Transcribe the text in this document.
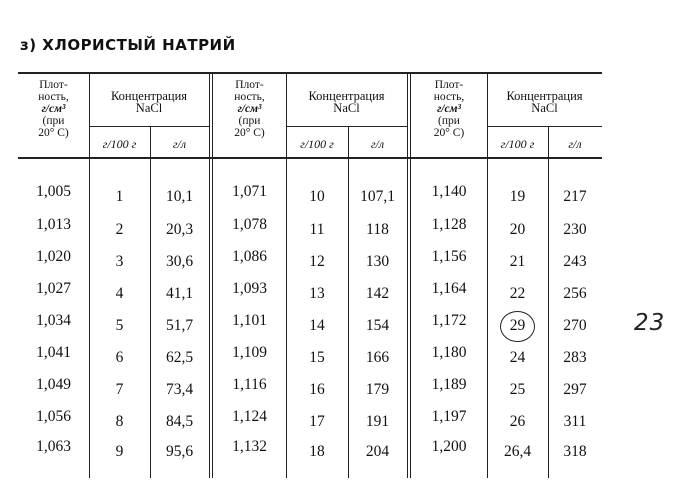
з) ХЛОРИСТЫЙ НАТРИЙ
23
Плот-
ность,
г/см³
(при
20° С)
Концентрация
NaCl
г/100 г	г/л
1,005	1	10,1
1,013	2	20,3
1,020	3	30,6
1,027	4	41,1
1,034	5	51,7
1,041	6	62,5
1,049	7	73,4
1,056	8	84,5
1,063	9	95,6
Плот-
ность,
г/см³
(при
20° С)
Концентрация
NaCl
г/100 г	г/л
1,071	10	107,1
1,078	11	118
1,086	12	130
1,093	13	142
1,101	14	154
1,109	15	166
1,116	16	179
1,124	17	191
1,132	18	204
Плот-
ность,
г/см³
(при
20° С)
Концентрация
NaCl
г/100 г	г/л
1,140	19	217
1,128	20	230
1,156	21	243
1,164	22	256
1,172	29	270
1,180	24	283
1,189	25	297
1,197	26	311
1,200	26,4	318
